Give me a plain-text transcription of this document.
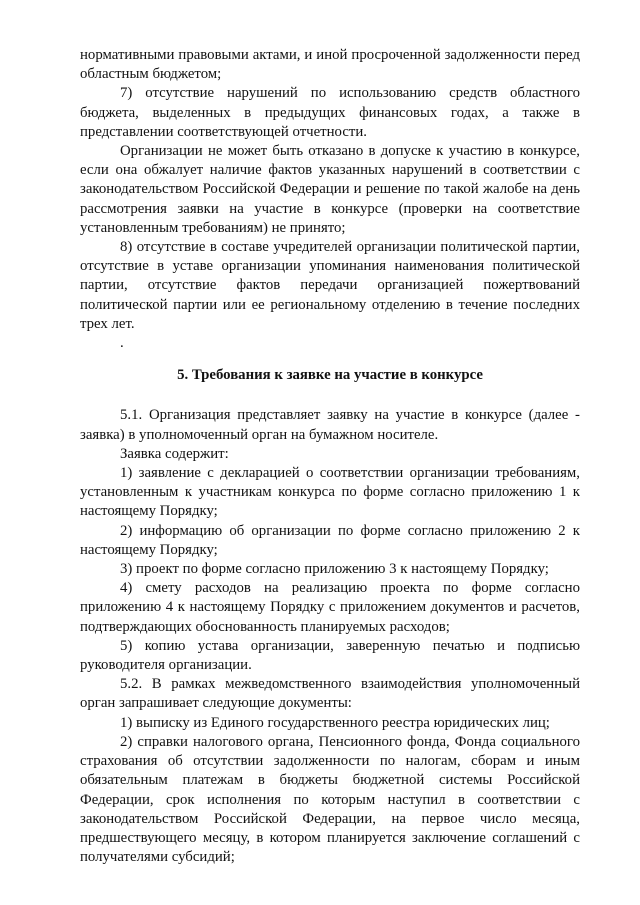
нормативными правовыми актами, и иной просроченной задолженности перед областным бюджетом;

7) отсутствие нарушений по использованию средств областного бюджета, выделенных в предыдущих финансовых годах, а также в представлении соответствующей отчетности.

Организации не может быть отказано в допуске к участию в конкурсе, если она обжалует наличие фактов указанных нарушений в соответствии с законодательством Российской Федерации и решение по такой жалобе на день рассмотрения заявки на участие в конкурсе (проверки на соответствие установленным требованиям) не принято;

8) отсутствие в составе учредителей организации политической партии, отсутствие в уставе организации упоминания наименования политической партии, отсутствие фактов передачи организацией пожертвований политической партии или ее региональному отделению в течение последних трех лет.

.

5. Требования к заявке на участие в конкурсе

5.1. Организация представляет заявку на участие в конкурсе (далее - заявка) в уполномоченный орган на бумажном носителе.

Заявка содержит:

1) заявление с декларацией о соответствии организации требованиям, установленным к участникам конкурса по форме согласно приложению 1 к настоящему Порядку;

2) информацию об организации по форме согласно приложению 2 к настоящему Порядку;

3) проект по форме согласно приложению 3 к настоящему Порядку;

4) смету расходов на реализацию проекта по форме согласно приложению 4 к настоящему Порядку с приложением документов и расчетов, подтверждающих обоснованность планируемых расходов;

5) копию устава организации, заверенную печатью и подписью руководителя организации.

5.2. В рамках межведомственного взаимодействия уполномоченный орган запрашивает следующие документы:

1) выписку из Единого государственного реестра юридических лиц;

2) справки налогового органа, Пенсионного фонда, Фонда социального страхования об отсутствии задолженности по налогам, сборам и иным обязательным платежам в бюджеты бюджетной системы Российской Федерации, срок исполнения по которым наступил в соответствии с законодательством Российской Федерации, на первое число месяца, предшествующего месяцу, в котором планируется заключение соглашений с получателями субсидий;
